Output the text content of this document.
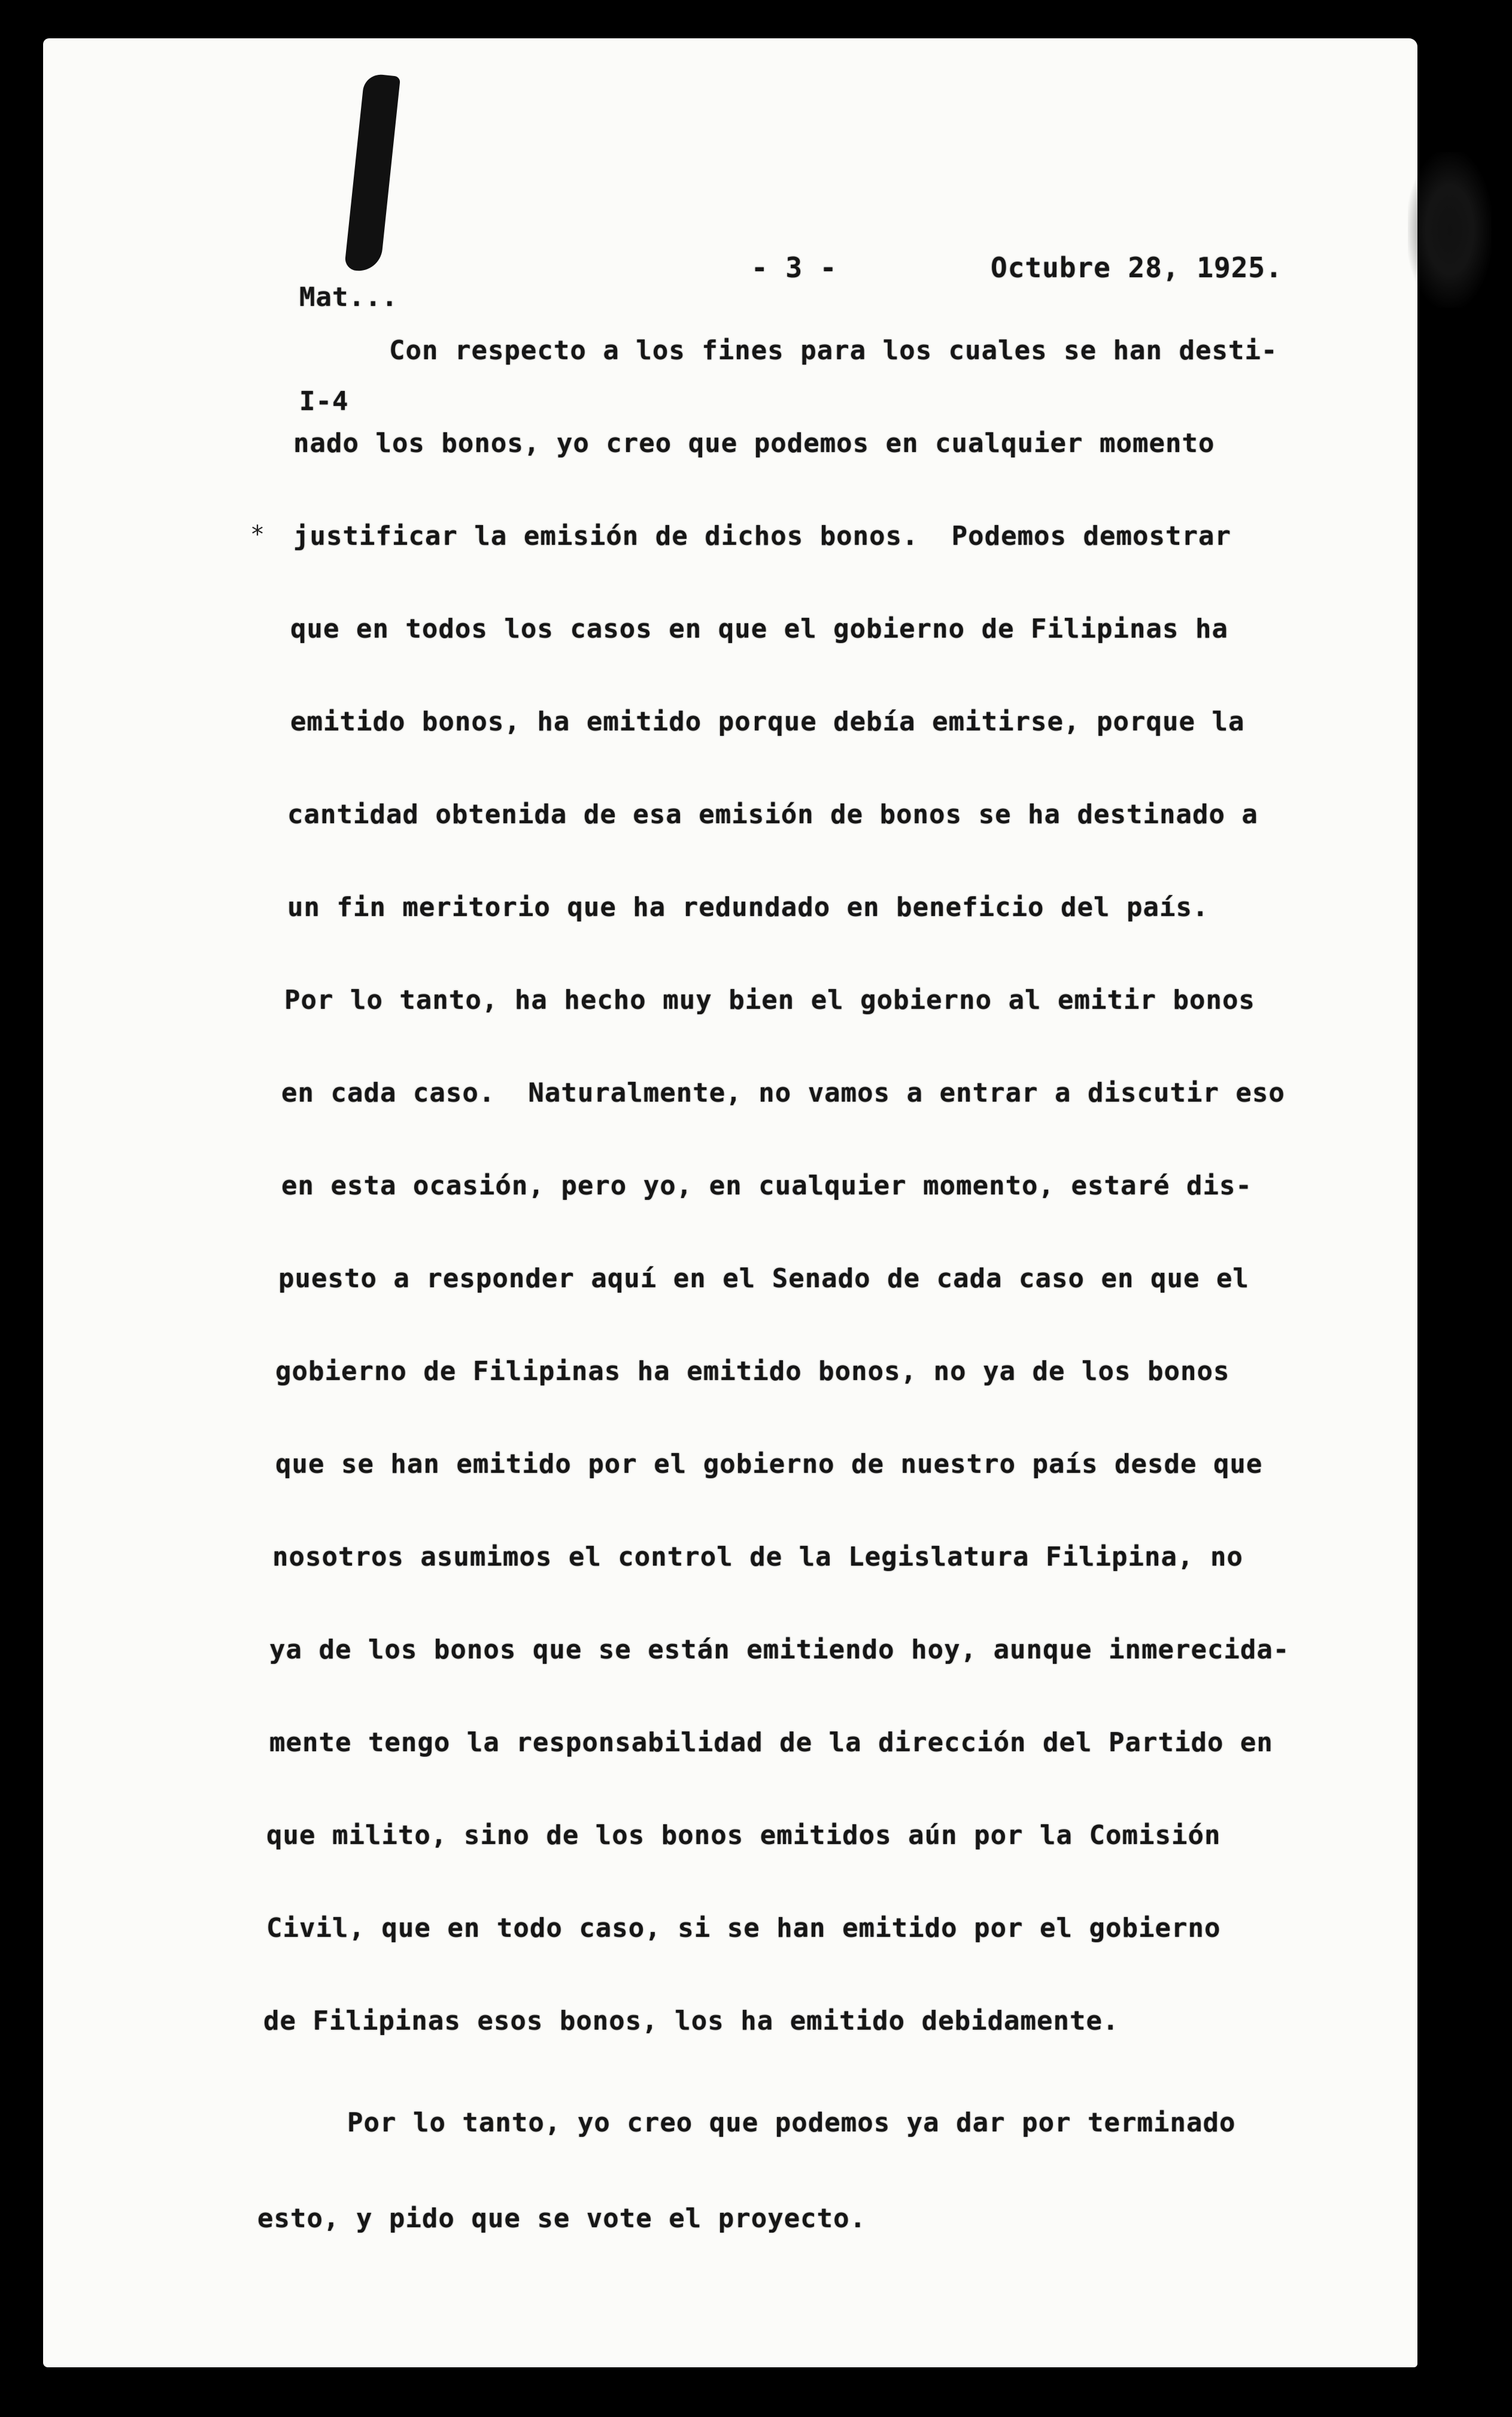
Mat...

I-4

- 3 -	Octubre 28, 1925.
*
Con respecto a los fines para los cuales se han desti-
nado los bonos, yo creo que podemos en cualquier momento
justificar la emisión de dichos bonos.  Podemos demostrar
que en todos los casos en que el gobierno de Filipinas ha
emitido bonos, ha emitido porque debía emitirse, porque la
cantidad obtenida de esa emisión de bonos se ha destinado a
un fin meritorio que ha redundado en beneficio del país.
Por lo tanto, ha hecho muy bien el gobierno al emitir bonos
en cada caso.  Naturalmente, no vamos a entrar a discutir eso
en esta ocasión, pero yo, en cualquier momento, estaré dis-
puesto a responder aquí en el Senado de cada caso en que el
gobierno de Filipinas ha emitido bonos, no ya de los bonos
que se han emitido por el gobierno de nuestro país desde que
nosotros asumimos el control de la Legislatura Filipina, no
ya de los bonos que se están emitiendo hoy, aunque inmerecida-
mente tengo la responsabilidad de la dirección del Partido en
que milito, sino de los bonos emitidos aún por la Comisión
Civil, que en todo caso, si se han emitido por el gobierno
de Filipinas esos bonos, los ha emitido debidamente.
Por lo tanto, yo creo que podemos ya dar por terminado
esto, y pido que se vote el proyecto.
